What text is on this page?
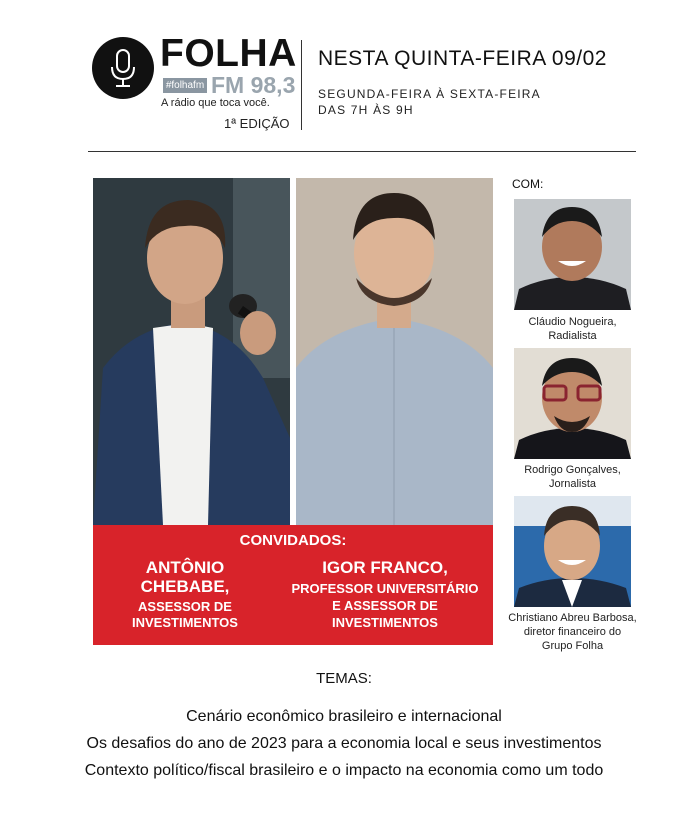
FOLHA
#folhafm FM 98,3
A rádio que toca você.
1ª EDIÇÃO
NESTA QUINTA-FEIRA 09/02
SEGUNDA-FEIRA À SEXTA-FEIRA
DAS 7H ÀS 9H
CONVIDADOS:
ANTÔNIO
CHEBABE,
ASSESSOR DE
INVESTIMENTOS
IGOR FRANCO,
PROFESSOR UNIVERSITÁRIO
E ASSESSOR DE
INVESTIMENTOS
COM:
Cláudio Nogueira,
Radialista
Rodrigo Gonçalves,
Jornalista
Christiano Abreu Barbosa,
diretor financeiro do
Grupo Folha
TEMAS:
Cenário econômico brasileiro e internacional
Os desafios do ano de 2023 para a economia local e seus investimentos
Contexto político/fiscal brasileiro e o impacto na economia como um todo
